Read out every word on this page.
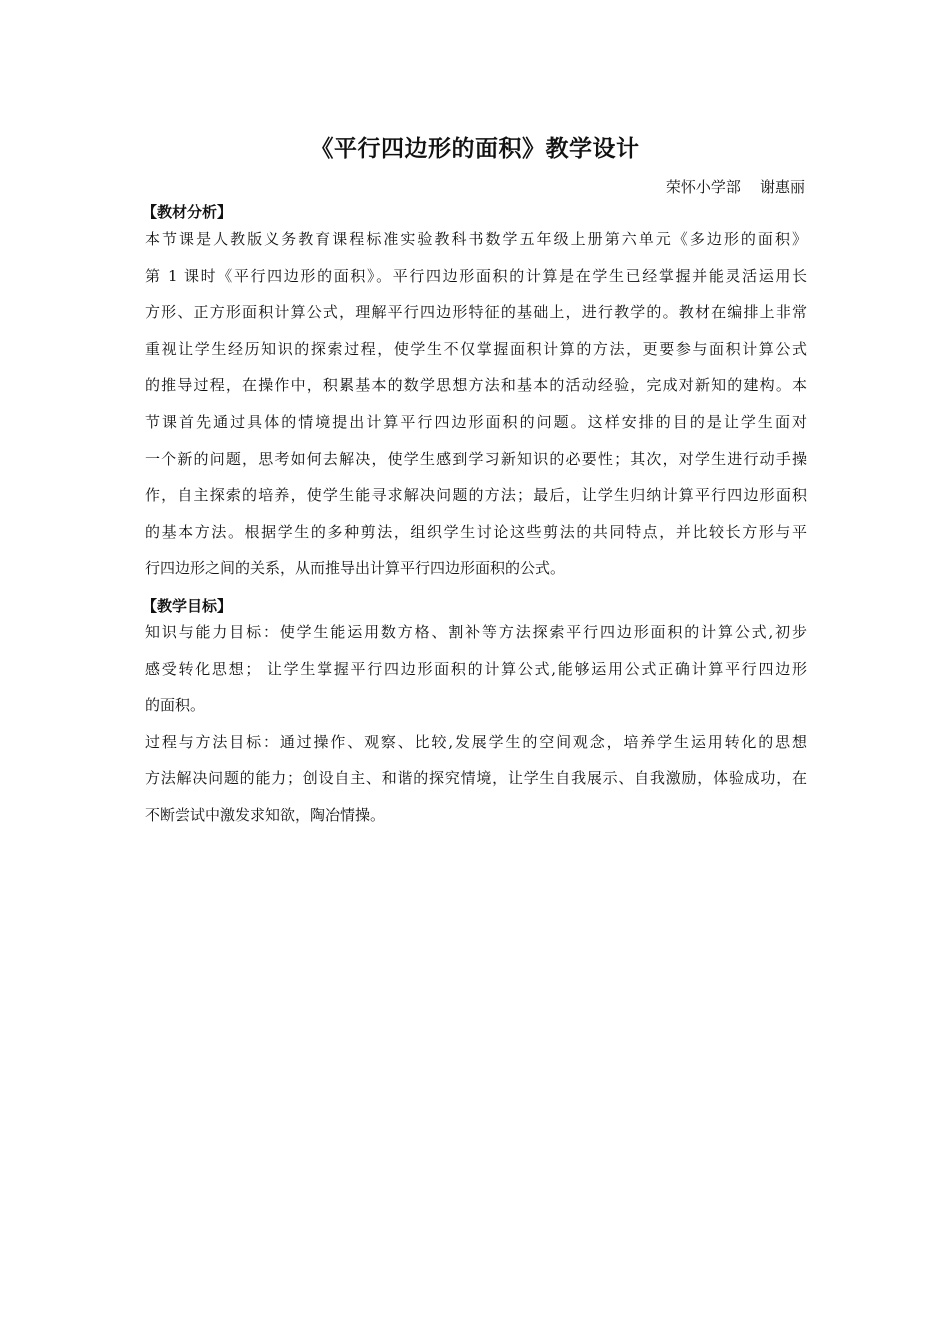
《平行四边形的面积》教学设计
荣怀小学部    谢惠丽
【教材分析】
本节课是人教版义务教育课程标准实验教科书数学五年级上册第六单元《多边形的面积》
第 1 课时《平行四边形的面积》。平行四边形面积的计算是在学生已经掌握并能灵活运用长
方形、正方形面积计算公式，理解平行四边形特征的基础上，进行教学的。教材在编排上非常
重视让学生经历知识的探索过程，使学生不仅掌握面积计算的方法，更要参与面积计算公式
的推导过程，在操作中，积累基本的数学思想方法和基本的活动经验，完成对新知的建构。本
节课首先通过具体的情境提出计算平行四边形面积的问题。这样安排的目的是让学生面对
一个新的问题，思考如何去解决，使学生感到学习新知识的必要性；其次，对学生进行动手操
作，自主探索的培养，使学生能寻求解决问题的方法；最后，让学生归纳计算平行四边形面积
的基本方法。根据学生的多种剪法，组织学生讨论这些剪法的共同特点，并比较长方形与平
行四边形之间的关系，从而推导出计算平行四边形面积的公式。
【教学目标】
知识与能力目标：使学生能运用数方格、割补等方法探索平行四边形面积的计算公式,初步
感受转化思想； 让学生掌握平行四边形面积的计算公式,能够运用公式正确计算平行四边形
的面积。
过程与方法目标：通过操作、观察、比较,发展学生的空间观念，培养学生运用转化的思想
方法解决问题的能力；创设自主、和谐的探究情境，让学生自我展示、自我激励，体验成功，在
不断尝试中激发求知欲，陶冶情操。
